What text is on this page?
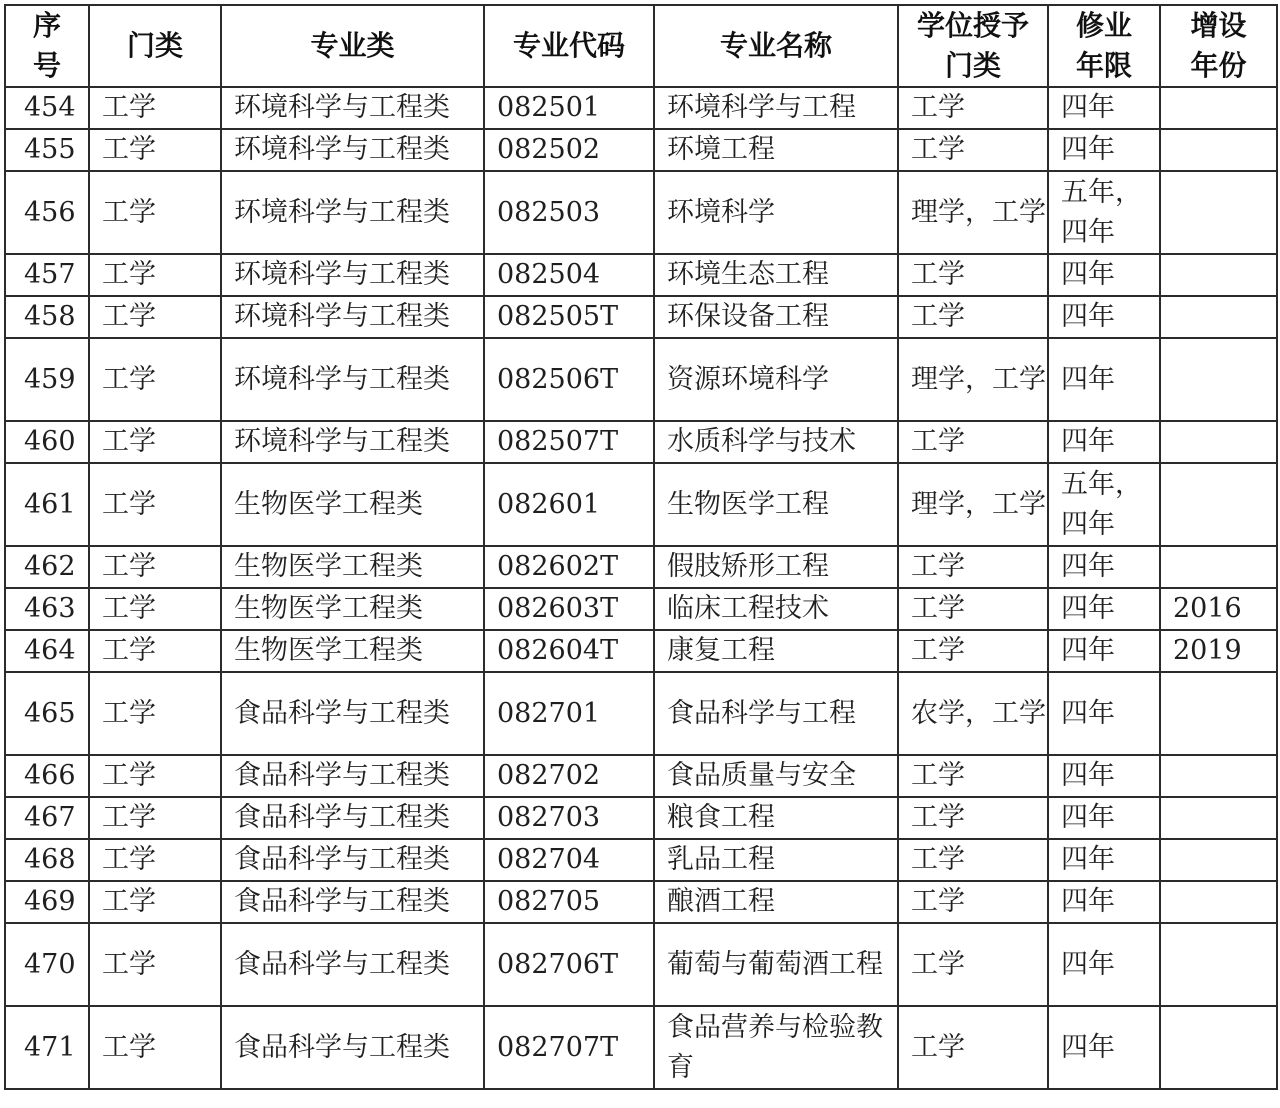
序号	门类	专业类	专业代码	专业名称	学位授予门类	修业年限	增设年份
454	工学	环境科学与工程类	082501	环境科学与工程	工学	四年	
455	工学	环境科学与工程类	082502	环境工程	工学	四年	
456	工学	环境科学与工程类	082503	环境科学	理学，工学	五年，四年	
457	工学	环境科学与工程类	082504	环境生态工程	工学	四年	
458	工学	环境科学与工程类	082505T	环保设备工程	工学	四年	
459	工学	环境科学与工程类	082506T	资源环境科学	理学，工学	四年	
460	工学	环境科学与工程类	082507T	水质科学与技术	工学	四年	
461	工学	生物医学工程类	082601	生物医学工程	理学，工学	五年，四年	
462	工学	生物医学工程类	082602T	假肢矫形工程	工学	四年	
463	工学	生物医学工程类	082603T	临床工程技术	工学	四年	2016
464	工学	生物医学工程类	082604T	康复工程	工学	四年	2019
465	工学	食品科学与工程类	082701	食品科学与工程	农学，工学	四年	
466	工学	食品科学与工程类	082702	食品质量与安全	工学	四年	
467	工学	食品科学与工程类	082703	粮食工程	工学	四年	
468	工学	食品科学与工程类	082704	乳品工程	工学	四年	
469	工学	食品科学与工程类	082705	酿酒工程	工学	四年	
470	工学	食品科学与工程类	082706T	葡萄与葡萄酒工程	工学	四年	
471	工学	食品科学与工程类	082707T	食品营养与检验教育	工学	四年	
